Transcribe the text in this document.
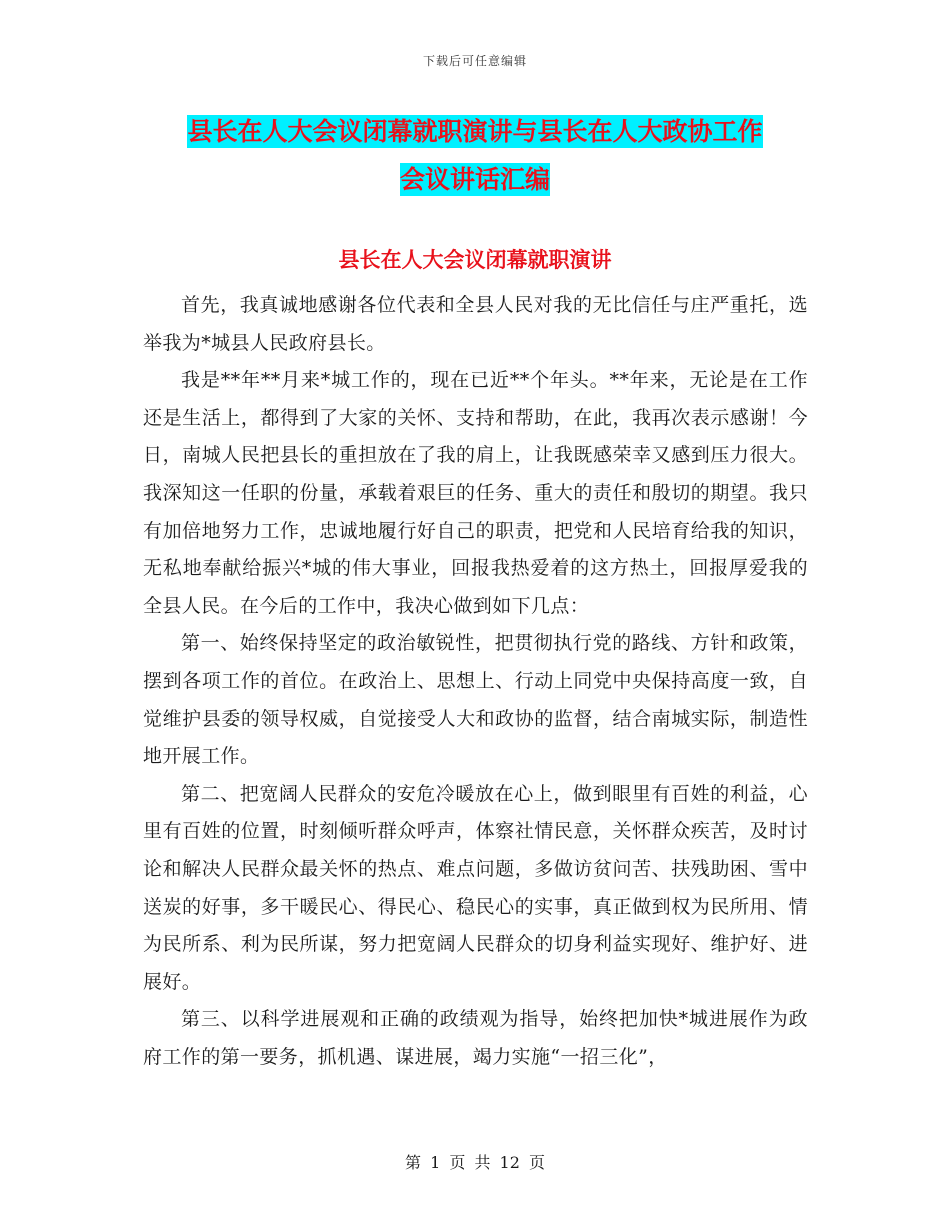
下载后可任意编辑
县长在人大会议闭幕就职演讲与县长在人大政协工作
会议讲话汇编
县长在人大会议闭幕就职演讲

首先，我真诚地感谢各位代表和全县人民对我的无比信任与庄严重托，选举我为*城县人民政府县长。

我是**年**月来*城工作的，现在已近**个年头。**年来，无论是在工作还是生活上，都得到了大家的关怀、支持和帮助，在此，我再次表示感谢！今日，南城人民把县长的重担放在了我的肩上，让我既感荣幸又感到压力很大。我深知这一任职的份量，承载着艰巨的任务、重大的责任和殷切的期望。我只有加倍地努力工作，忠诚地履行好自己的职责，把党和人民培育给我的知识，无私地奉献给振兴*城的伟大事业，回报我热爱着的这方热土，回报厚爱我的全县人民。在今后的工作中，我决心做到如下几点：

第一、始终保持坚定的政治敏锐性，把贯彻执行党的路线、方针和政策，摆到各项工作的首位。在政治上、思想上、行动上同党中央保持高度一致，自觉维护县委的领导权威，自觉接受人大和政协的监督，结合南城实际，制造性地开展工作。

第二、把宽阔人民群众的安危冷暖放在心上，做到眼里有百姓的利益，心里有百姓的位置，时刻倾听群众呼声，体察社情民意，关怀群众疾苦，及时讨论和解决人民群众最关怀的热点、难点问题，多做访贫问苦、扶残助困、雪中送炭的好事，多干暖民心、得民心、稳民心的实事，真正做到权为民所用、情为民所系、利为民所谋，努力把宽阔人民群众的切身利益实现好、维护好、进展好。

第三、以科学进展观和正确的政绩观为指导，始终把加快*城进展作为政府工作的第一要务，抓机遇、谋进展，竭力实施“一招三化”，

第 1 页 共 12 页
